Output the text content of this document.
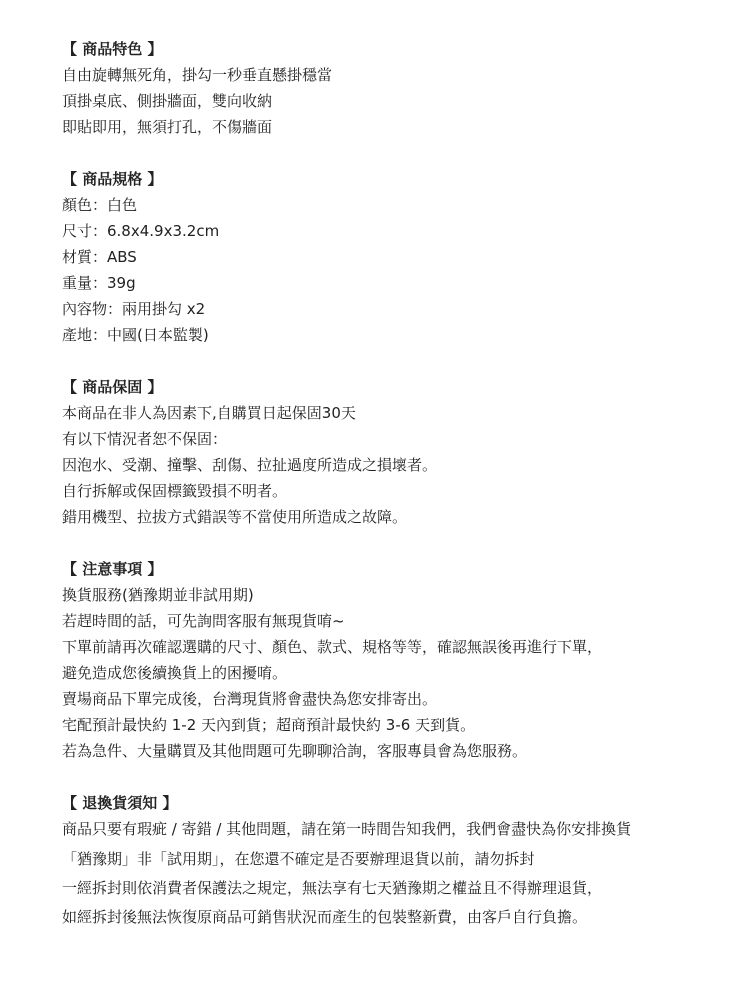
【 商品特色 】
自由旋轉無死角，掛勾一秒垂直懸掛穩當
頂掛桌底、側掛牆面，雙向收納
即貼即用，無須打孔，不傷牆面
【 商品規格 】
顏色：白色
尺寸：6.8x4.9x3.2cm
材質：ABS
重量：39g
內容物：兩用掛勾 x2
產地：中國(日本監製)
【 商品保固 】
本商品在非人為因素下,自購買日起保固30天
有以下情況者恕不保固：
因泡水、受潮、撞擊、刮傷、拉扯過度所造成之損壞者。
自行拆解或保固標籤毀損不明者。
錯用機型、拉拔方式錯誤等不當使用所造成之故障。
【 注意事項 】
換貨服務(猶豫期並非試用期)
若趕時間的話，可先詢問客服有無現貨唷~
下單前請再次確認選購的尺寸、顏色、款式、規格等等，確認無誤後再進行下單，
避免造成您後續換貨上的困擾唷。
賣場商品下單完成後，台灣現貨將會盡快為您安排寄出。
宅配預計最快約 1-2 天內到貨；超商預計最快約 3-6 天到貨。
若為急件、大量購買及其他問題可先聊聊洽詢，客服專員會為您服務。
【 退換貨須知 】
商品只要有瑕疵 / 寄錯 / 其他問題，請在第一時間告知我們，我們會盡快為你安排換貨
「猶豫期」非「試用期」，在您還不確定是否要辦理退貨以前，請勿拆封
一經拆封則依消費者保護法之規定，無法享有七天猶豫期之權益且不得辦理退貨，
如經拆封後無法恢復原商品可銷售狀況而產生的包裝整新費，由客戶自行負擔。
